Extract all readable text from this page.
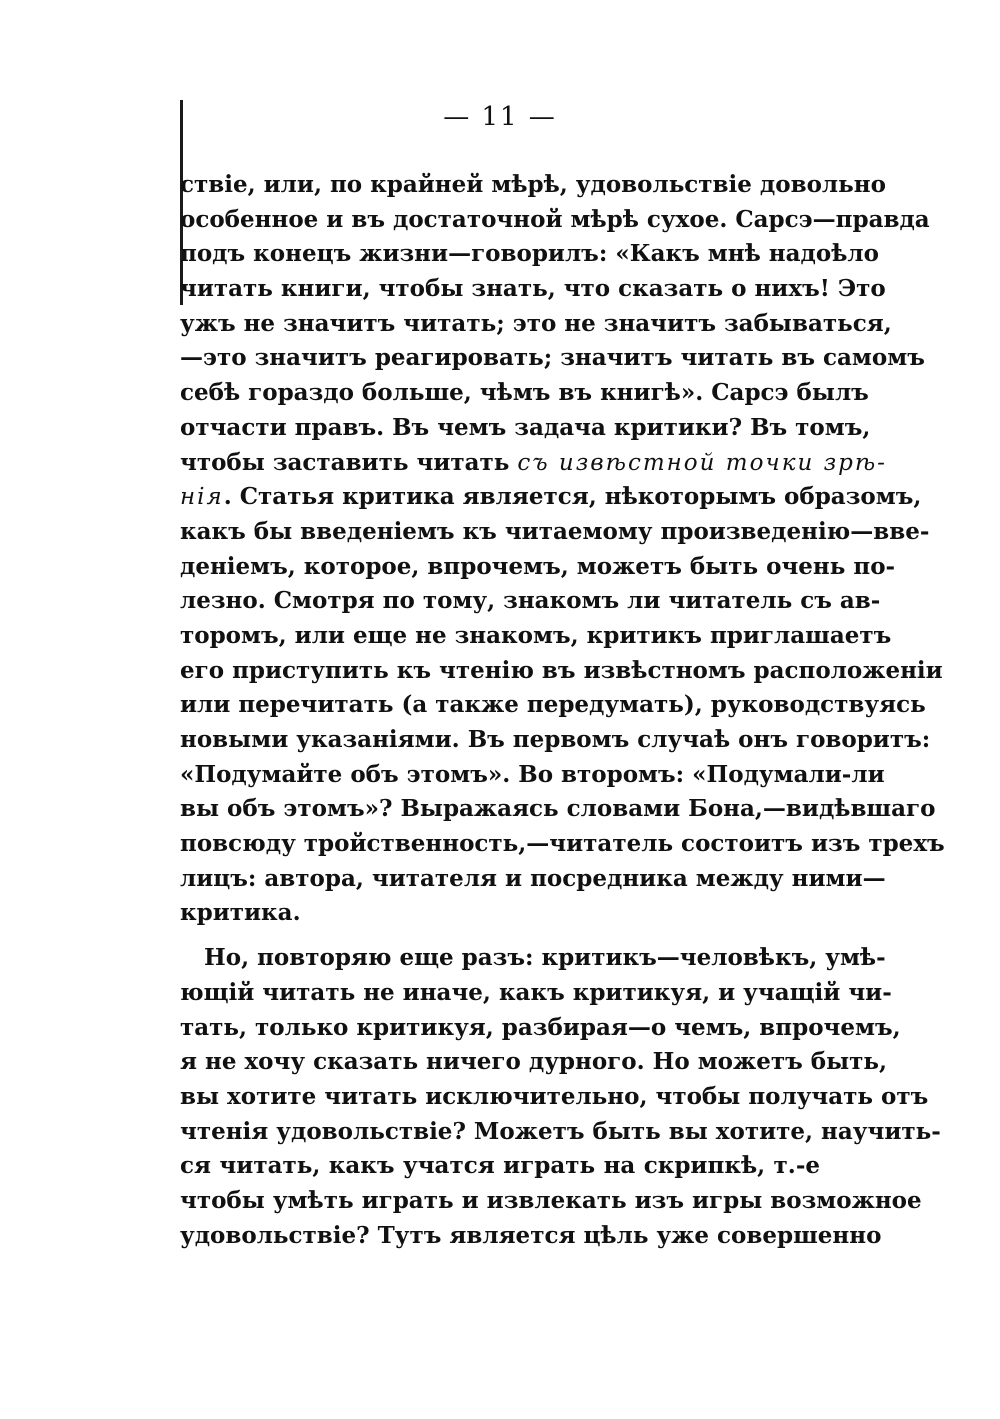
— 11 —
ствіе, или, по крайней мѣрѣ, удовольствіе довольно
особенное и въ достаточной мѣрѣ сухое. Сарсэ—правда
подъ конецъ жизни—говорилъ: «Какъ мнѣ надоѣло
читать книги, чтобы знать, что сказать о нихъ! Это
ужъ не значитъ читать; это не значитъ забываться,
—это значитъ реагировать; значитъ читать въ самомъ
себѣ гораздо больше, чѣмъ въ книгѣ». Сарсэ былъ
отчасти правъ. Въ чемъ задача критики? Въ томъ,
чтобы заставить читать съ извѣстной точки зрѣ-
нія. Статья критика является, нѣкоторымъ образомъ,
какъ бы введеніемъ къ читаемому произведенію—вве-
деніемъ, которое, впрочемъ, можетъ быть очень по-
лезно. Смотря по тому, знакомъ ли читатель съ ав-
торомъ, или еще не знакомъ, критикъ приглашаетъ
его приступить къ чтенію въ извѣстномъ расположеніи
или перечитать (а также передумать), руководствуясь
новыми указаніями. Въ первомъ случаѣ онъ говоритъ:
«Подумайте объ этомъ». Во второмъ: «Подумали-ли
вы объ этомъ»? Выражаясь словами Бона,—видѣвшаго
повсюду тройственность,—читатель состоитъ изъ трехъ
лицъ: автора, читателя и посредника между ними—
критика.
Но, повторяю еще разъ: критикъ—человѣкъ, умѣ-
ющій читать не иначе, какъ критикуя, и учащій чи-
тать, только критикуя, разбирая—о чемъ, впрочемъ,
я не хочу сказать ничего дурного. Но можетъ быть,
вы хотите читать исключительно, чтобы получать отъ
чтенія удовольствіе? Можетъ быть вы хотите, научить-
ся читать, какъ учатся играть на скрипкѣ, т.-е
чтобы умѣть играть и извлекать изъ игры возможное
удовольствіе? Тутъ является цѣль уже совершенно
